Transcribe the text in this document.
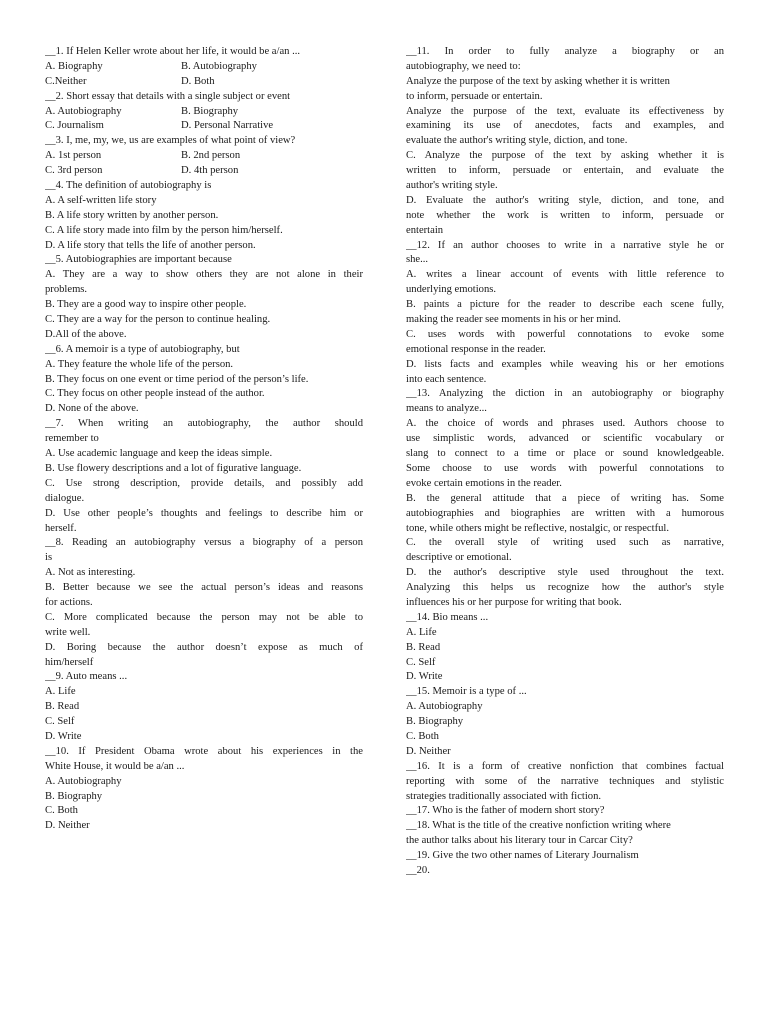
__1. If Helen Keller wrote about her life, it would be a/an ...
A. Biography	B. Autobiography
C.Neither	D. Both
__2. Short essay that details with a single subject or event
A. Autobiography	B. Biography
C. Journalism	D. Personal Narrative
__3. I, me, my, we, us are examples of what point of view?
A. 1st person	B. 2nd person
C. 3rd person	D. 4th person
__4. The definition of autobiography is
A. A self-written life story
B. A life story written by another person.
C. A life story made into film by the person him/herself.
D. A life story that tells the life of another person.
__5. Autobiographies are important because
A. They are a way to show others they are not alone in their
problems.
B. They are a good way to inspire other people.
C. They are a way for the person to continue healing.
D.All of the above.
__6. A memoir is a type of autobiography, but
A. They feature the whole life of the person.
B. They focus on one event or time period of the person’s life.
C. They focus on other people instead of the author.
D. None of the above.
__7. When writing an autobiography, the author should
remember to
A. Use academic language and keep the ideas simple.
B. Use flowery descriptions and a lot of figurative language.
C. Use strong description, provide details, and possibly add
dialogue.
D. Use other people’s thoughts and feelings to describe him or
herself.
__8. Reading an autobiography versus a biography of a person
is
A. Not as interesting.
B. Better because we see the actual person’s ideas and reasons
for actions.
C. More complicated because the person may not be able to
write well.
D. Boring because the author doesn’t expose as much of
him/herself
__9. Auto means ...
A. Life
B. Read
C. Self
D. Write
__10. If President Obama wrote about his experiences in the
White House, it would be a/an ...
A. Autobiography
B. Biography
C. Both
D. Neither
__11. In order to fully analyze a biography or an
autobiography, we need to:
Analyze the purpose of the text by asking whether it is written
to inform, persuade or entertain.
Analyze the purpose of the text, evaluate its effectiveness by
examining its use of anecdotes, facts and examples, and
evaluate the author's writing style, diction, and tone.
C. Analyze the purpose of the text by asking whether it is
written to inform, persuade or entertain, and evaluate the
author's writing style.
D. Evaluate the author's writing style, diction, and tone, and
note whether the work is written to inform, persuade or
entertain
__12. If an author chooses to write in a narrative style he or
she...
A. writes a linear account of events with little reference to
underlying emotions.
B. paints a picture for the reader to describe each scene fully,
making the reader see moments in his or her mind.
C. uses words with powerful connotations to evoke some
emotional response in the reader.
D. lists facts and examples while weaving his or her emotions
into each sentence.
__13. Analyzing the diction in an autobiography or biography
means to analyze...
A. the choice of words and phrases used. Authors choose to
use simplistic words, advanced or scientific vocabulary or
slang to connect to a time or place or sound knowledgeable.
Some choose to use words with powerful connotations to
evoke certain emotions in the reader.
B. the general attitude that a piece of writing has. Some
autobiographies and biographies are written with a humorous
tone, while others might be reflective, nostalgic, or respectful.
C. the overall style of writing used such as narrative,
descriptive or emotional.
D. the author's descriptive style used throughout the text.
Analyzing this helps us recognize how the author's style
influences his or her purpose for writing that book.
__14. Bio means ...
A. Life
B. Read
C. Self
D. Write
__15. Memoir is a type of ...
A. Autobiography
B. Biography
C. Both
D. Neither
__16. It is a form of creative nonfiction that combines factual
reporting with some of the narrative techniques and stylistic
strategies traditionally associated with fiction.
__17. Who is the father of modern short story?
__18. What is the title of the creative nonfiction writing where
the author talks about his literary tour in Carcar City?
__19. Give the two other names of Literary Journalism
__20.
